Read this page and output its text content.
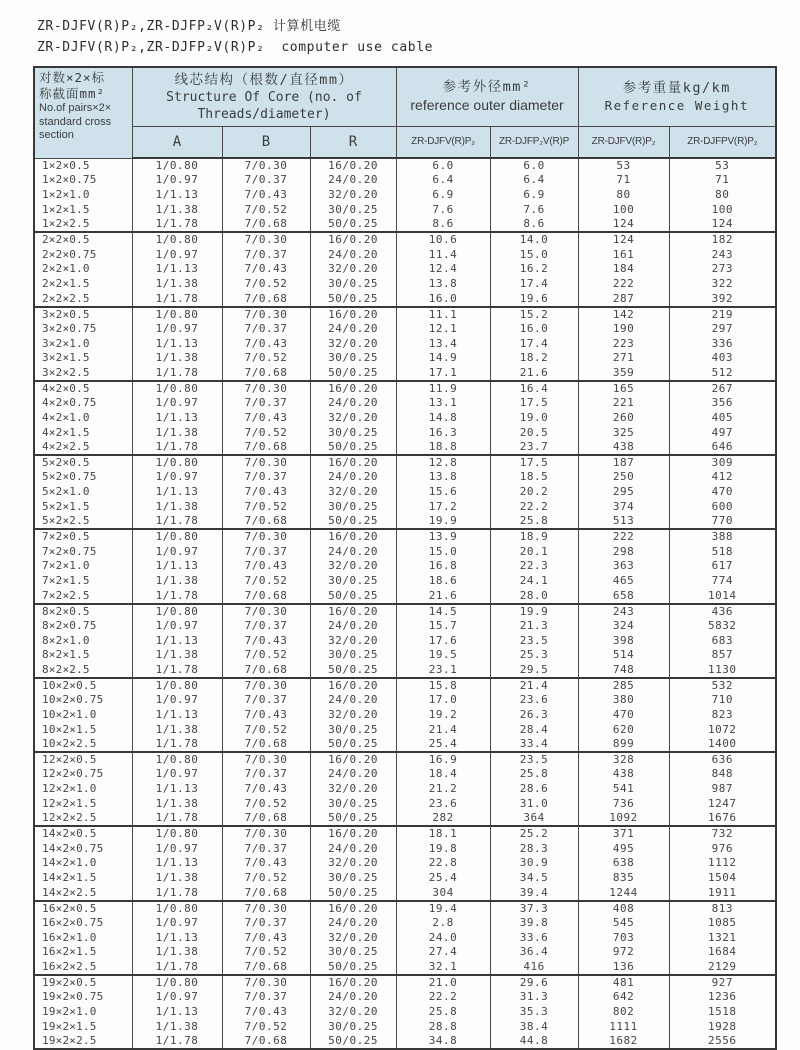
ZR-DJFV(R)P₂,ZR-DJFP₂V(R)P₂ 计算机电缆
ZR-DJFV(R)P₂,ZR-DJFP₂V(R)P₂  computer use cable
对数×2×标
称截面mm²
No.of pairs×2×
standard cross
section

线芯结构（根数/直径mm）
Structure Of Core (no. of
Threads/diameter)

参考外径mm²
reference outer diameter

参考重量kg/km
Reference Weight

	A	B	R	ZR-DJFV(R)P₂	ZR-DJFP₂V(R)P	ZR-DJFV(R)P₂	ZR-DJFPV(R)P₂
1×2×0.5	1/0.80	7/0.30	16/0.20	6.0	6.0	53	53
1×2×0.75	1/0.97	7/0.37	24/0.20	6.4	6.4	71	71
1×2×1.0	1/1.13	7/0.43	32/0.20	6.9	6.9	80	80
1×2×1.5	1/1.38	7/0.52	30/0.25	7.6	7.6	100	100
1×2×2.5	1/1.78	7/0.68	50/0.25	8.6	8.6	124	124
2×2×0.5	1/0.80	7/0.30	16/0.20	10.6	14.0	124	182
2×2×0.75	1/0.97	7/0.37	24/0.20	11.4	15.0	161	243
2×2×1.0	1/1.13	7/0.43	32/0.20	12.4	16.2	184	273
2×2×1.5	1/1.38	7/0.52	30/0.25	13.8	17.4	222	322
2×2×2.5	1/1.78	7/0.68	50/0.25	16.0	19.6	287	392
3×2×0.5	1/0.80	7/0.30	16/0.20	11.1	15.2	142	219
3×2×0.75	1/0.97	7/0.37	24/0.20	12.1	16.0	190	297
3×2×1.0	1/1.13	7/0.43	32/0.20	13.4	17.4	223	336
3×2×1.5	1/1.38	7/0.52	30/0.25	14.9	18.2	271	403
3×2×2.5	1/1.78	7/0.68	50/0.25	17.1	21.6	359	512
4×2×0.5	1/0.80	7/0.30	16/0.20	11.9	16.4	165	267
4×2×0.75	1/0.97	7/0.37	24/0.20	13.1	17.5	221	356
4×2×1.0	1/1.13	7/0.43	32/0.20	14.8	19.0	260	405
4×2×1.5	1/1.38	7/0.52	30/0.25	16.3	20.5	325	497
4×2×2.5	1/1.78	7/0.68	50/0.25	18.8	23.7	438	646
5×2×0.5	1/0.80	7/0.30	16/0.20	12.8	17.5	187	309
5×2×0.75	1/0.97	7/0.37	24/0.20	13.8	18.5	250	412
5×2×1.0	1/1.13	7/0.43	32/0.20	15.6	20.2	295	470
5×2×1.5	1/1.38	7/0.52	30/0.25	17.2	22.2	374	600
5×2×2.5	1/1.78	7/0.68	50/0.25	19.9	25.8	513	770
7×2×0.5	1/0.80	7/0.30	16/0.20	13.9	18.9	222	388
7×2×0.75	1/0.97	7/0.37	24/0.20	15.0	20.1	298	518
7×2×1.0	1/1.13	7/0.43	32/0.20	16.8	22.3	363	617
7×2×1.5	1/1.38	7/0.52	30/0.25	18.6	24.1	465	774
7×2×2.5	1/1.78	7/0.68	50/0.25	21.6	28.0	658	1014
8×2×0.5	1/0.80	7/0.30	16/0.20	14.5	19.9	243	436
8×2×0.75	1/0.97	7/0.37	24/0.20	15.7	21.3	324	5832
8×2×1.0	1/1.13	7/0.43	32/0.20	17.6	23.5	398	683
8×2×1.5	1/1.38	7/0.52	30/0.25	19.5	25.3	514	857
8×2×2.5	1/1.78	7/0.68	50/0.25	23.1	29.5	748	1130
10×2×0.5	1/0.80	7/0.30	16/0.20	15.8	21.4	285	532
10×2×0.75	1/0.97	7/0.37	24/0.20	17.0	23.6	380	710
10×2×1.0	1/1.13	7/0.43	32/0.20	19.2	26.3	470	823
10×2×1.5	1/1.38	7/0.52	30/0.25	21.4	28.4	620	1072
10×2×2.5	1/1.78	7/0.68	50/0.25	25.4	33.4	899	1400
12×2×0.5	1/0.80	7/0.30	16/0.20	16.9	23.5	328	636
12×2×0.75	1/0.97	7/0.37	24/0.20	18.4	25.8	438	848
12×2×1.0	1/1.13	7/0.43	32/0.20	21.2	28.6	541	987
12×2×1.5	1/1.38	7/0.52	30/0.25	23.6	31.0	736	1247
12×2×2.5	1/1.78	7/0.68	50/0.25	282	364	1092	1676
14×2×0.5	1/0.80	7/0.30	16/0.20	18.1	25.2	371	732
14×2×0.75	1/0.97	7/0.37	24/0.20	19.8	28.3	495	976
14×2×1.0	1/1.13	7/0.43	32/0.20	22.8	30.9	638	1112
14×2×1.5	1/1.38	7/0.52	30/0.25	25.4	34.5	835	1504
14×2×2.5	1/1.78	7/0.68	50/0.25	304	39.4	1244	1911
16×2×0.5	1/0.80	7/0.30	16/0.20	19.4	37.3	408	813
16×2×0.75	1/0.97	7/0.37	24/0.20	2.8	39.8	545	1085
16×2×1.0	1/1.13	7/0.43	32/0.20	24.0	33.6	703	1321
16×2×1.5	1/1.38	7/0.52	30/0.25	27.4	36.4	972	1684
16×2×2.5	1/1.78	7/0.68	50/0.25	32.1	416	136	2129
19×2×0.5	1/0.80	7/0.30	16/0.20	21.0	29.6	481	927
19×2×0.75	1/0.97	7/0.37	24/0.20	22.2	31.3	642	1236
19×2×1.0	1/1.13	7/0.43	32/0.20	25.8	35.3	802	1518
19×2×1.5	1/1.38	7/0.52	30/0.25	28.8	38.4	1111	1928
19×2×2.5	1/1.78	7/0.68	50/0.25	34.8	44.8	1682	2556
